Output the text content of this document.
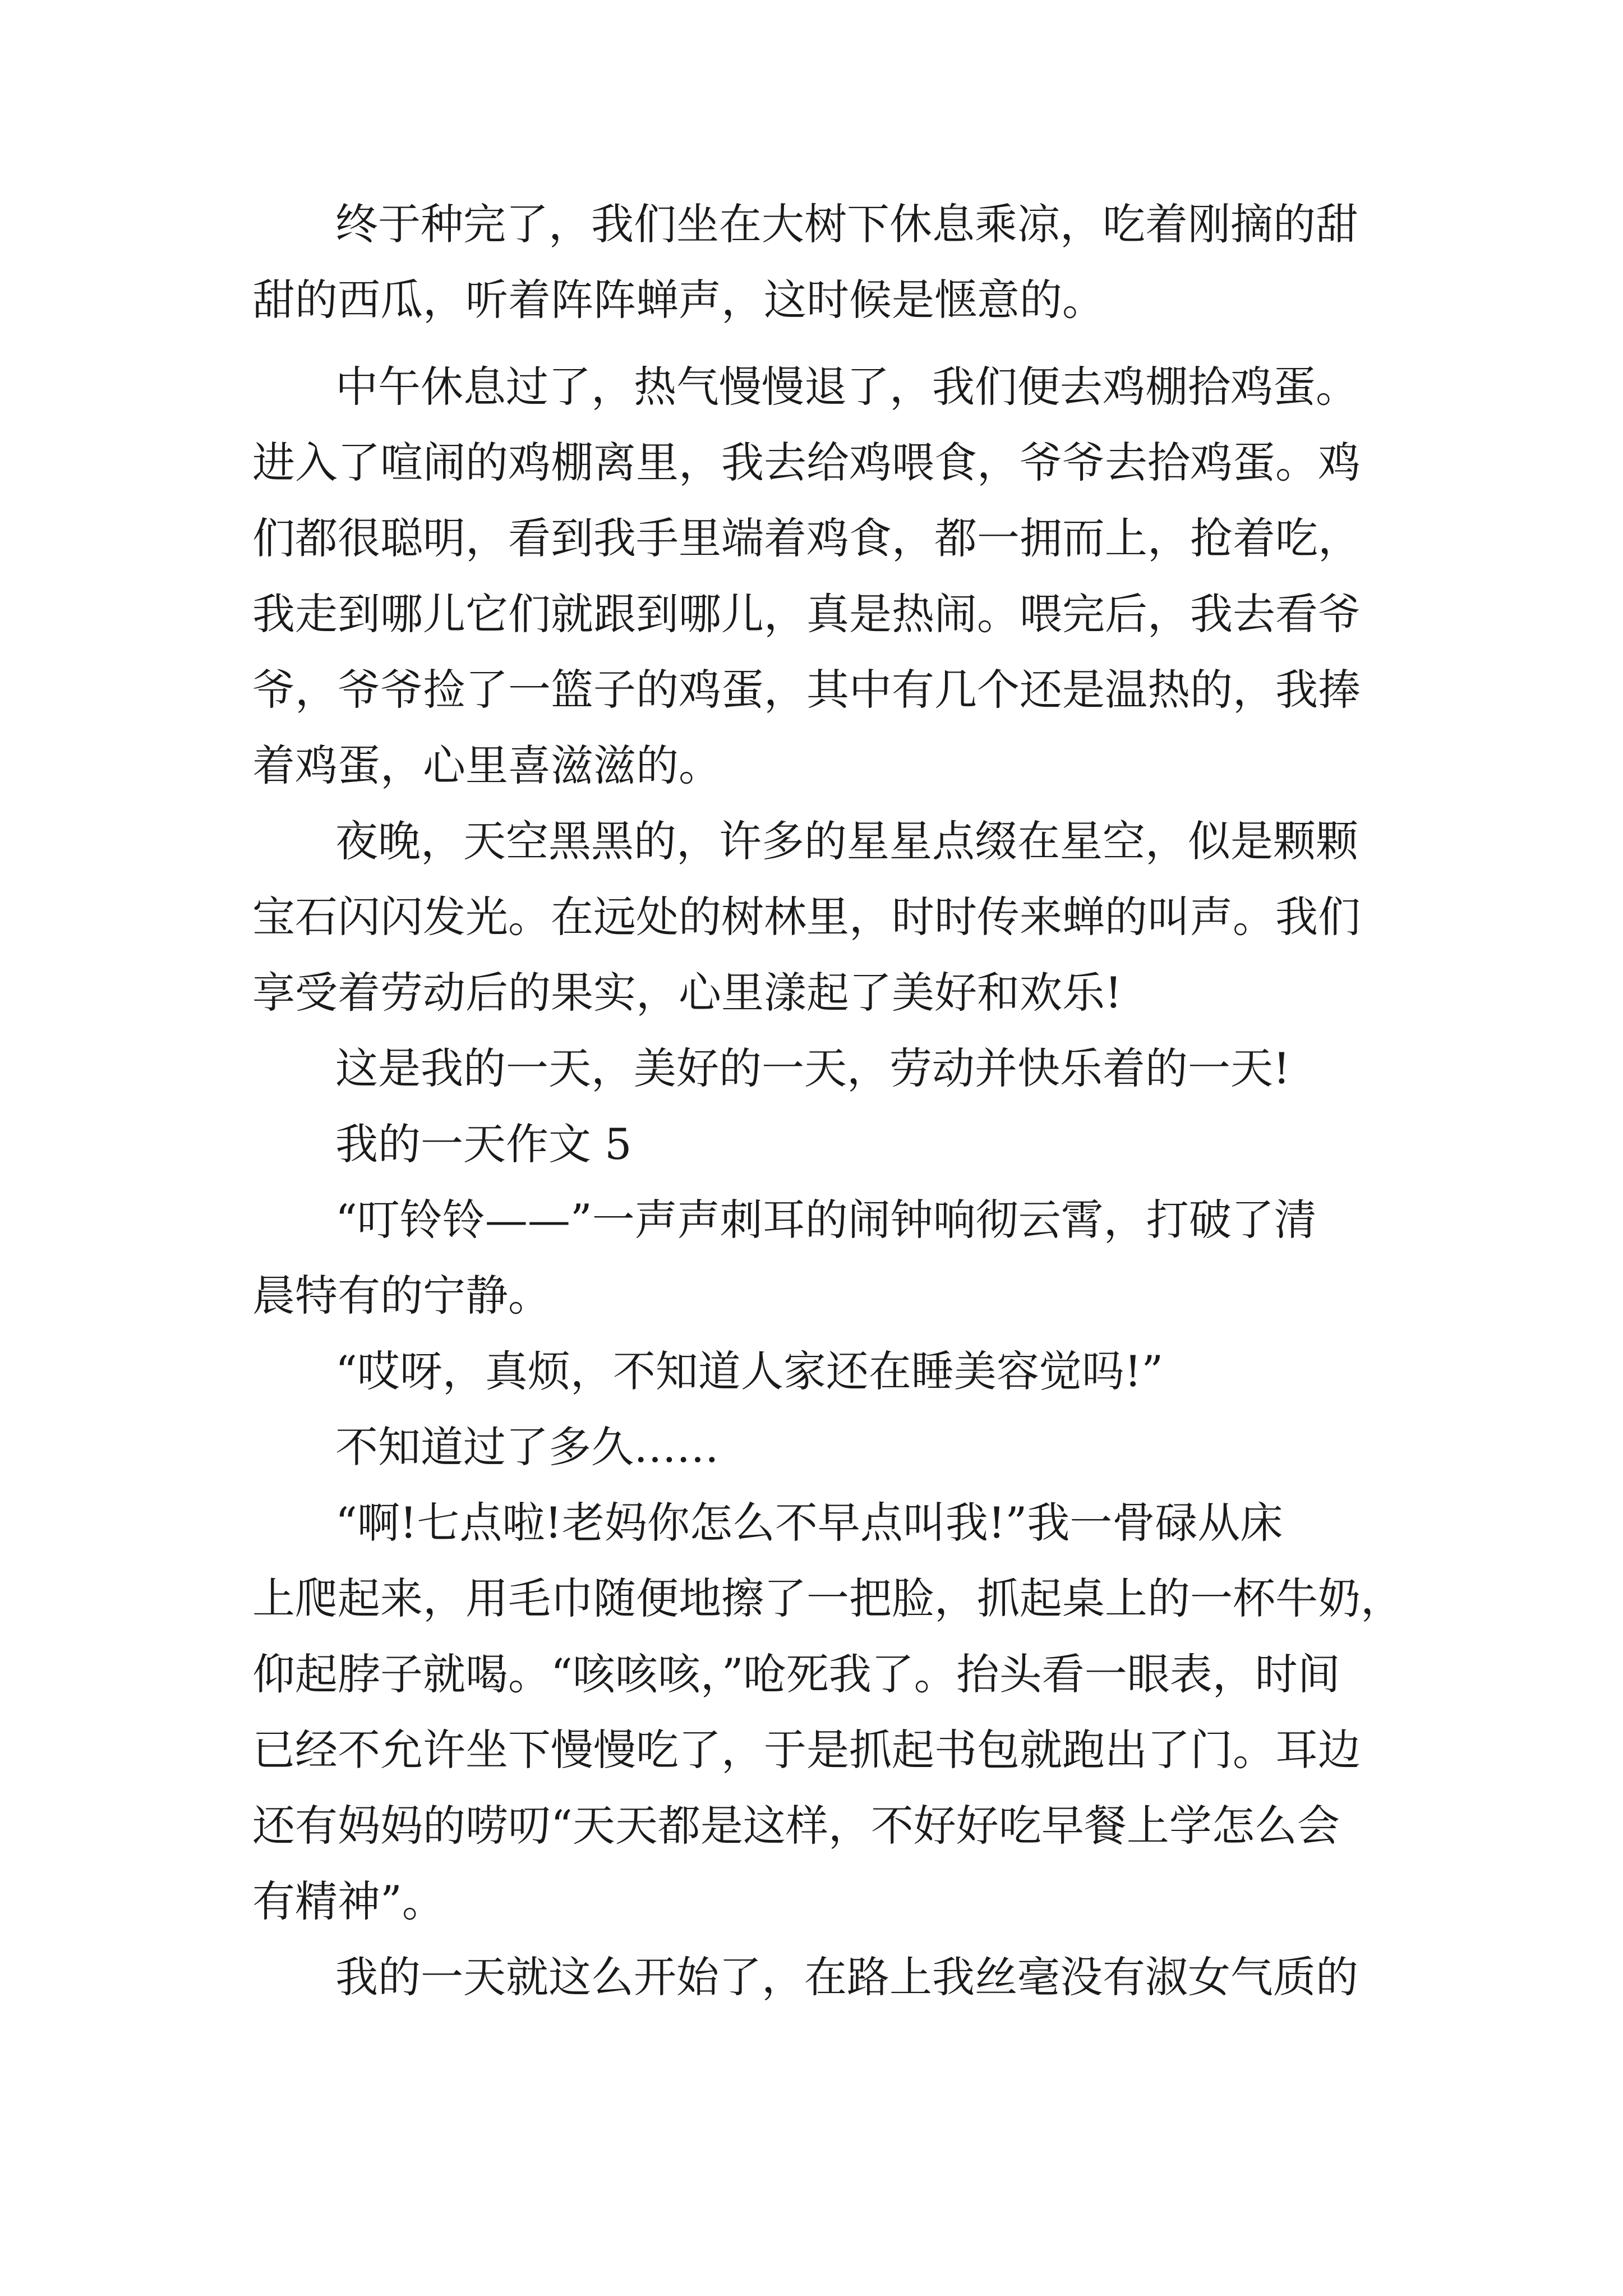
终于种完了，我们坐在大树下休息乘凉，吃着刚摘的甜
甜的西瓜，听着阵阵蝉声，这时候是惬意的。
中午休息过了，热气慢慢退了，我们便去鸡棚拾鸡蛋。
进入了喧闹的鸡棚离里，我去给鸡喂食，爷爷去拾鸡蛋。鸡
们都很聪明，看到我手里端着鸡食，都一拥而上，抢着吃，
我走到哪儿它们就跟到哪儿，真是热闹。喂完后，我去看爷
爷，爷爷捡了一篮子的鸡蛋，其中有几个还是温热的，我捧
着鸡蛋，心里喜滋滋的。
夜晚，天空黑黑的，许多的星星点缀在星空，似是颗颗
宝石闪闪发光。在远处的树林里，时时传来蝉的叫声。我们
享受着劳动后的果实，心里漾起了美好和欢乐!
这是我的一天，美好的一天，劳动并快乐着的一天!
我的一天作文 5
“叮铃铃——”一声声刺耳的闹钟响彻云霄，打破了清
晨特有的宁静。
“哎呀，真烦，不知道人家还在睡美容觉吗!”
不知道过了多久……
“啊!七点啦!老妈你怎么不早点叫我!”我一骨碌从床
上爬起来，用毛巾随便地擦了一把脸，抓起桌上的一杯牛奶，
仰起脖子就喝。“咳咳咳，”呛死我了。抬头看一眼表，时间
已经不允许坐下慢慢吃了，于是抓起书包就跑出了门。耳边
还有妈妈的唠叨“天天都是这样，不好好吃早餐上学怎么会
有精神”。
我的一天就这么开始了，在路上我丝毫没有淑女气质的
